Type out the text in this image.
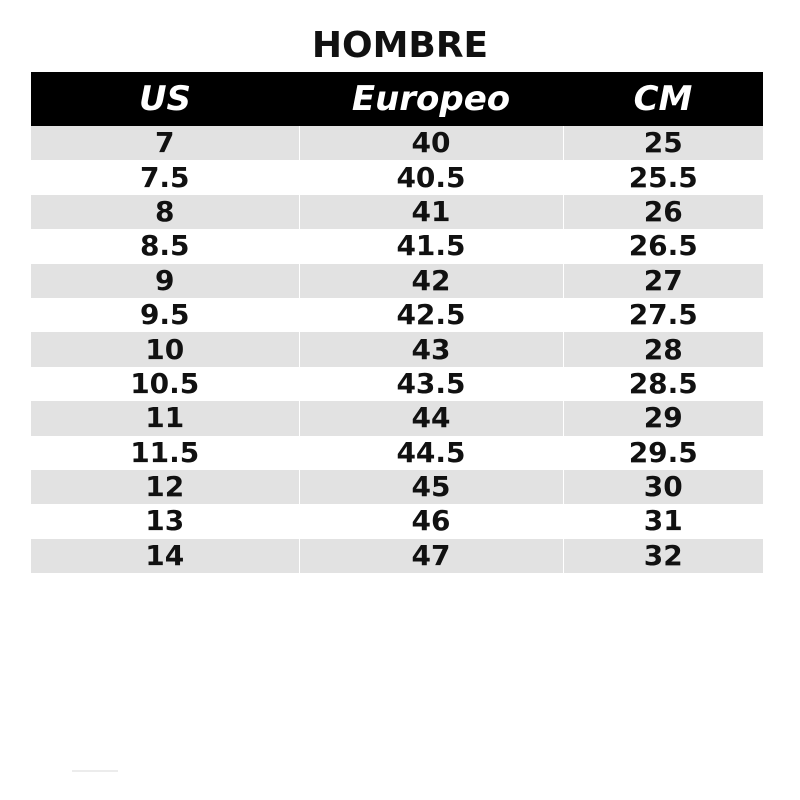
HOMBRE
US	Europeo	CM
7	40	25
7.5	40.5	25.5
8	41	26
8.5	41.5	26.5
9	42	27
9.5	42.5	27.5
10	43	28
10.5	43.5	28.5
11	44	29
11.5	44.5	29.5
12	45	30
13	46	31
14	47	32
